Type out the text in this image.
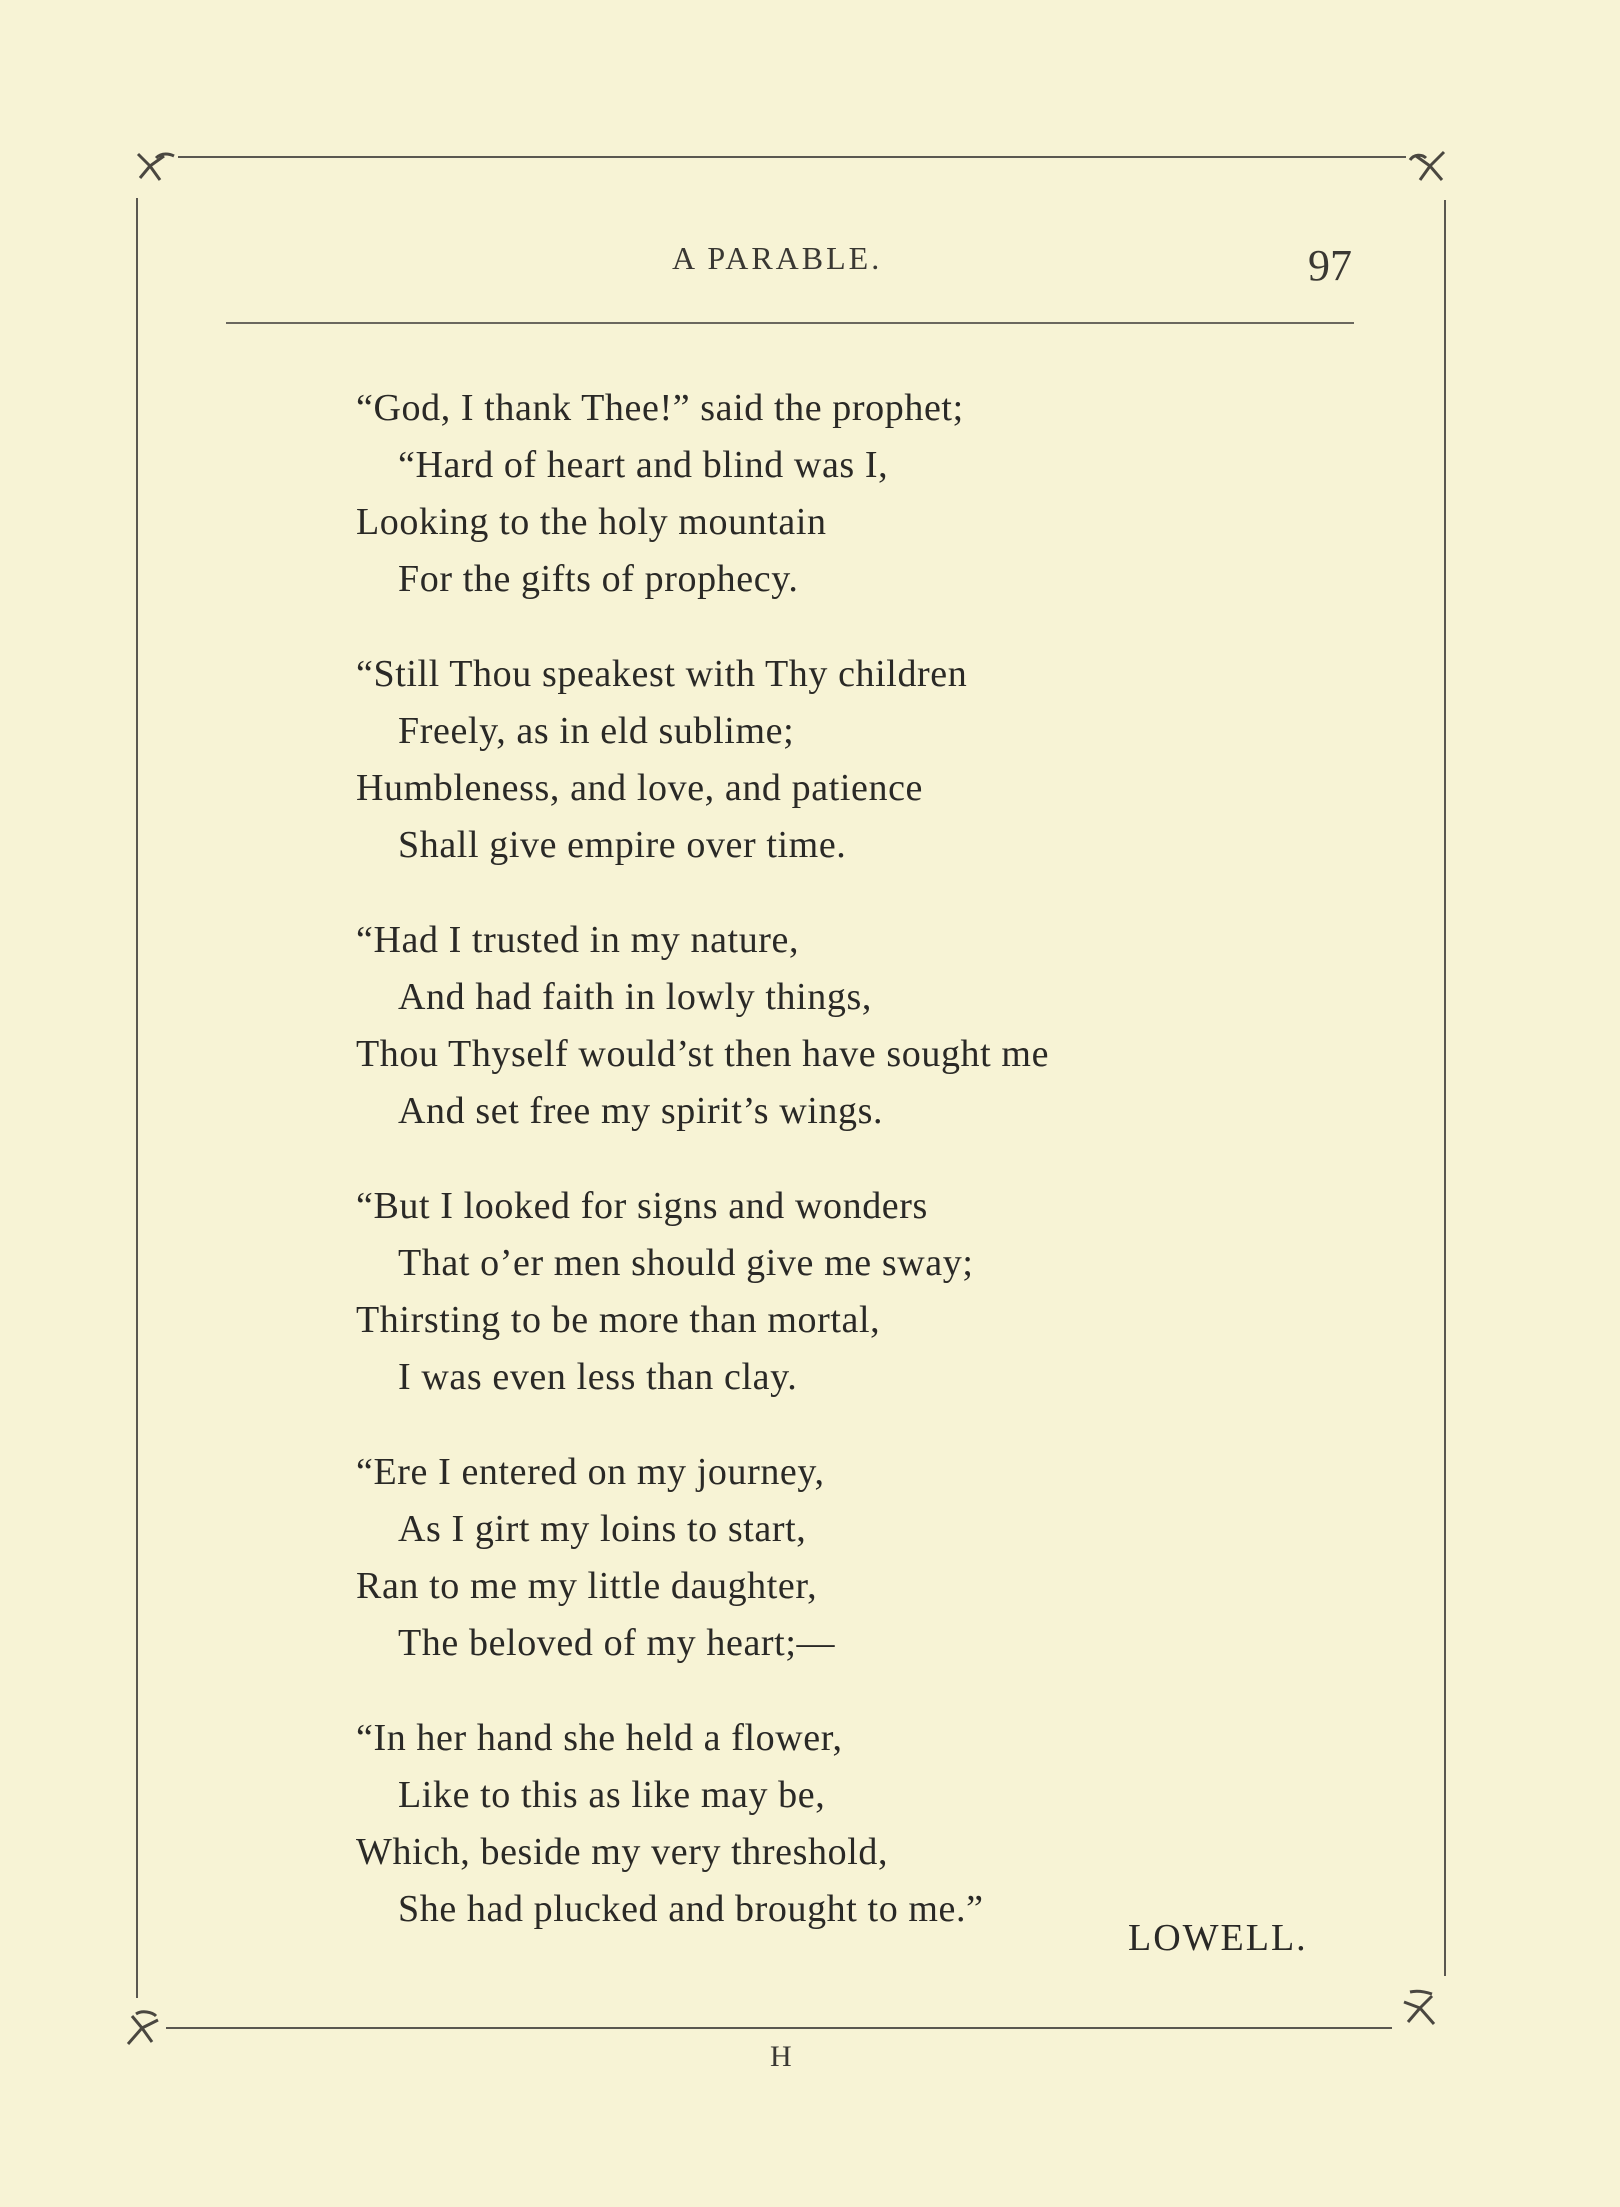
A PARABLE.	97
“God, I thank Thee!” said the prophet;
“Hard of heart and blind was I,
Looking to the holy mountain
For the gifts of prophecy.
“Still Thou speakest with Thy children
Freely, as in eld sublime;
Humbleness, and love, and patience
Shall give empire over time.
“Had I trusted in my nature,
And had faith in lowly things,
Thou Thyself would’st then have sought me
And set free my spirit’s wings.
“But I looked for signs and wonders
That o’er men should give me sway;
Thirsting to be more than mortal,
I was even less than clay.
“Ere I entered on my journey,
As I girt my loins to start,
Ran to me my little daughter,
The beloved of my heart;—
“In her hand she held a flower,
Like to this as like may be,
Which, beside my very threshold,
She had plucked and brought to me.”
LOWELL.
H
